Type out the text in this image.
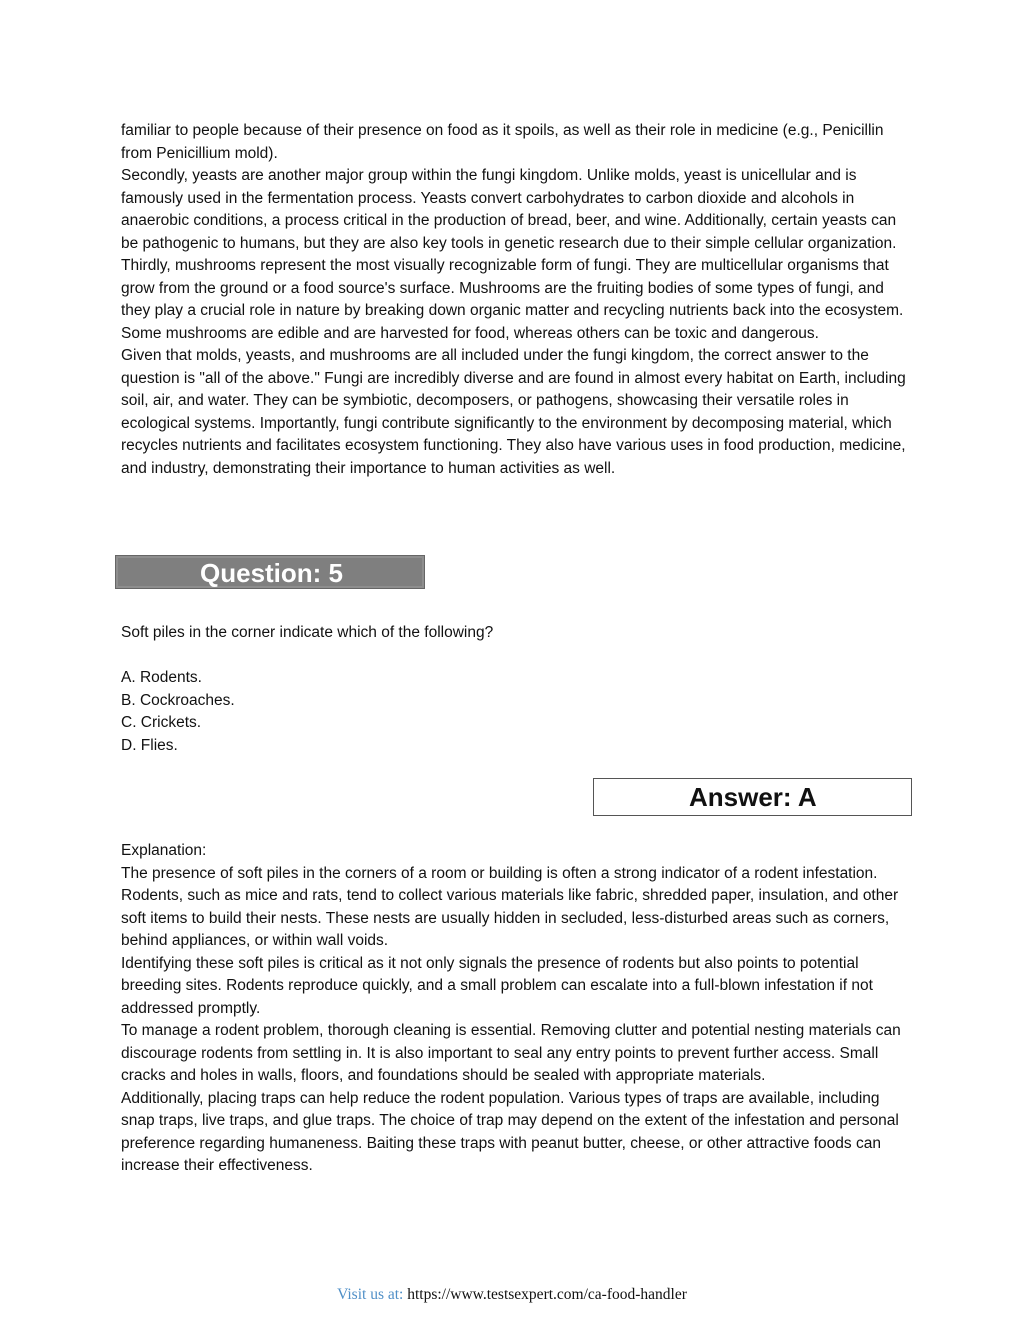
familiar to people because of their presence on food as it spoils, as well as their role in medicine (e.g., Penicillin from Penicillium mold).

Secondly, yeasts are another major group within the fungi kingdom. Unlike molds, yeast is unicellular and is famously used in the fermentation process. Yeasts convert carbohydrates to carbon dioxide and alcohols in anaerobic conditions, a process critical in the production of bread, beer, and wine. Additionally, certain yeasts can be pathogenic to humans, but they are also key tools in genetic research due to their simple cellular organization.

Thirdly, mushrooms represent the most visually recognizable form of fungi. They are multicellular organisms that grow from the ground or a food source's surface. Mushrooms are the fruiting bodies of some types of fungi, and they play a crucial role in nature by breaking down organic matter and recycling nutrients back into the ecosystem. Some mushrooms are edible and are harvested for food, whereas others can be toxic and dangerous.

Given that molds, yeasts, and mushrooms are all included under the fungi kingdom, the correct answer to the question is "all of the above." Fungi are incredibly diverse and are found in almost every habitat on Earth, including soil, air, and water. They can be symbiotic, decomposers, or pathogens, showcasing their versatile roles in ecological systems. Importantly, fungi contribute significantly to the environment by decomposing material, which recycles nutrients and facilitates ecosystem functioning. They also have various uses in food production, medicine, and industry, demonstrating their importance to human activities as well.

Question: 5

Soft piles in the corner indicate which of the following?

A. Rodents.

B. Cockroaches.

C. Crickets.

D. Flies.

Answer: A

Explanation:

The presence of soft piles in the corners of a room or building is often a strong indicator of a rodent infestation. Rodents, such as mice and rats, tend to collect various materials like fabric, shredded paper, insulation, and other soft items to build their nests. These nests are usually hidden in secluded, less-disturbed areas such as corners, behind appliances, or within wall voids.

Identifying these soft piles is critical as it not only signals the presence of rodents but also points to potential breeding sites. Rodents reproduce quickly, and a small problem can escalate into a full-blown infestation if not addressed promptly.

To manage a rodent problem, thorough cleaning is essential. Removing clutter and potential nesting materials can discourage rodents from settling in. It is also important to seal any entry points to prevent further access. Small cracks and holes in walls, floors, and foundations should be sealed with appropriate materials.

Additionally, placing traps can help reduce the rodent population. Various types of traps are available, including snap traps, live traps, and glue traps. The choice of trap may depend on the extent of the infestation and personal preference regarding humaneness. Baiting these traps with peanut butter, cheese, or other attractive foods can increase their effectiveness.

Visit us at: https://www.testsexpert.com/ca-food-handler
